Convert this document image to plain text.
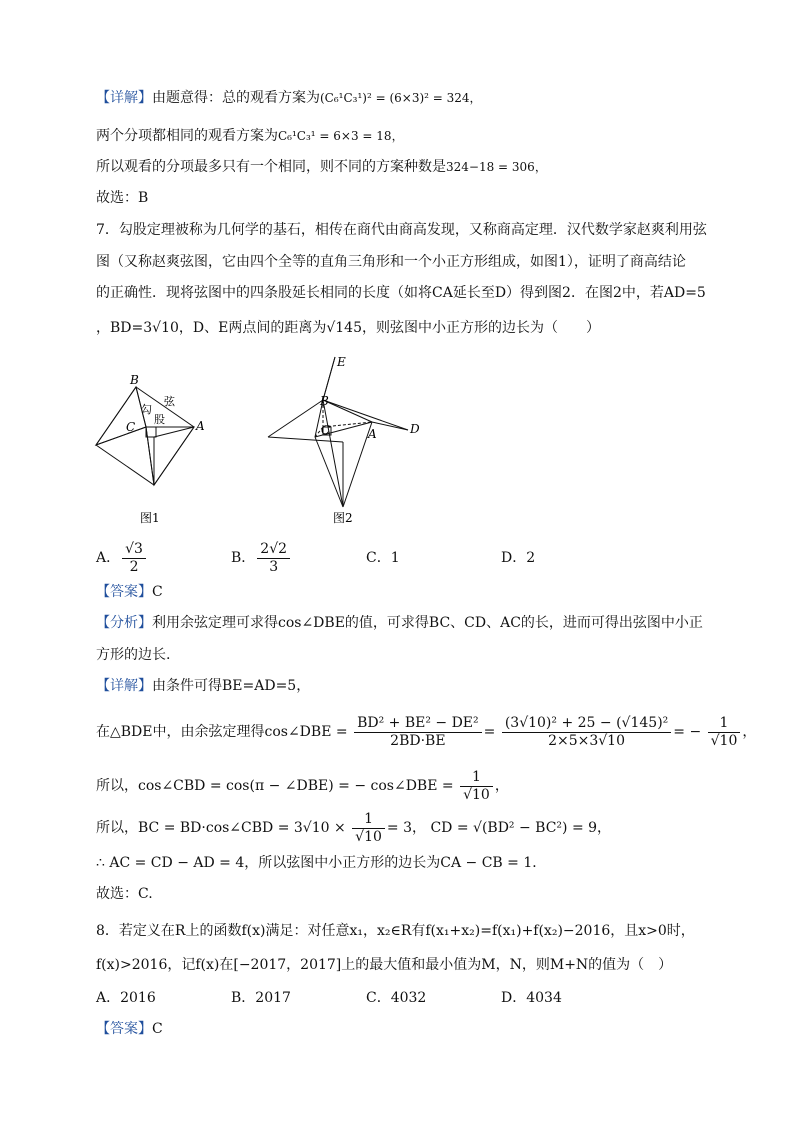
【详解】由题意得：总的观看方案为(C₆¹C₃¹)² = (6×3)² = 324，
两个分项都相同的观看方案为C₆¹C₃¹ = 6×3 = 18，
所以观看的分项最多只有一个相同，则不同的方案种数是324−18 = 306，
故选：B
7．勾股定理被称为几何学的基石，相传在商代由商高发现，又称商高定理．汉代数学家赵爽利用弦
图（又称赵爽弦图，它由四个全等的直角三角形和一个小正方形组成，如图1），证明了商高结论
的正确性．现将弦图中的四条股延长相同的长度（如将CA延长至D）得到图2．在图2中，若AD=5
，BD=3√10，D、E两点间的距离为√145，则弦图中小正方形的边长为（　　）
B
A
C
弦
勾
股
图1
E
B
C	A	D
图2
A． $\frac{√3}{2}$	B． $\frac{2√2}{3}$	C．1	D．2
【答案】C
【分析】利用余弦定理可求得cos∠DBE的值，可求得BC、CD、AC的长，进而可得出弦图中小正
方形的边长.
【详解】由条件可得BE=AD=5，
在△BDE中，由余弦定理得cos∠DBE = $\frac{\text{BD² + BE² − DE²}}{2BD\cdot BE} = \frac{\text{(3√10)² + 25 − (√145)²}}{2\times 5\times 3√10}$ = − $\frac{1}{√10}$ ，
所以，cos∠CBD = cos(π − ∠DBE) = − cos∠DBE = $\frac{1}{√10}$ ，
所以，BC = BD·cos∠CBD = $3√10 \times \frac{1}{√10} = 3$， CD = √(BD² − BC²) = 9，
∴ AC = CD − AD = 4，所以弦图中小正方形的边长为CA − CB = 1．
故选：C.
8．若定义在R上的函数f(x)满足：对任意x₁，x₂∈R有f(x₁+x₂)=f(x₁)+f(x₂)−2016，且x>0时，
f(x)>2016，记f(x)在[−2017，2017]上的最大值和最小值为M，N，则M+N的值为（　）
A．2016	B．2017	C．4032	D．4034
【答案】C
